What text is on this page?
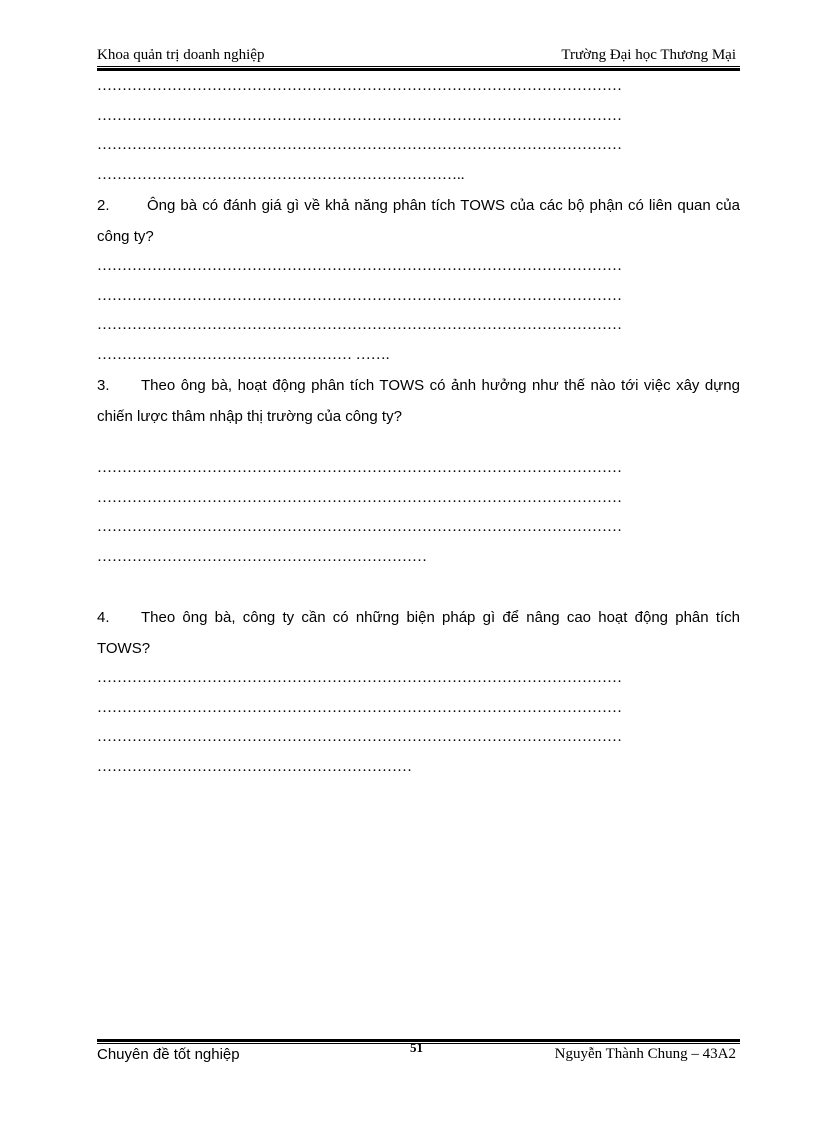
Khoa quản trị doanh nghiệp	Trường Đại học Thương Mại
……………………………………………………………………………………………
……………………………………………………………………………………………
……………………………………………………………………………………………
………………………………………………………………..
2. Ông bà có đánh giá gì về khả năng phân tích TOWS của các bộ phận có liên quan của công ty?
……………………………………………………………………………………………
……………………………………………………………………………………………
……………………………………………………………………………………………
…………………………………………… …….
3. Theo ông bà, hoạt động phân tích TOWS có ảnh hưởng như thế nào tới việc xây dựng chiến lược thâm nhập thị trường của công ty?
……………………………………………………………………………………………
……………………………………………………………………………………………
……………………………………………………………………………………………
…………………………………………………………
4. Theo ông bà, công ty cần có những biện pháp gì để nâng cao hoạt động phân tích TOWS?
……………………………………………………………………………………………
……………………………………………………………………………………………
……………………………………………………………………………………………
………………………………………………………
Chuyên đề tốt nghiệp	51	Nguyễn Thành Chung – 43A2
